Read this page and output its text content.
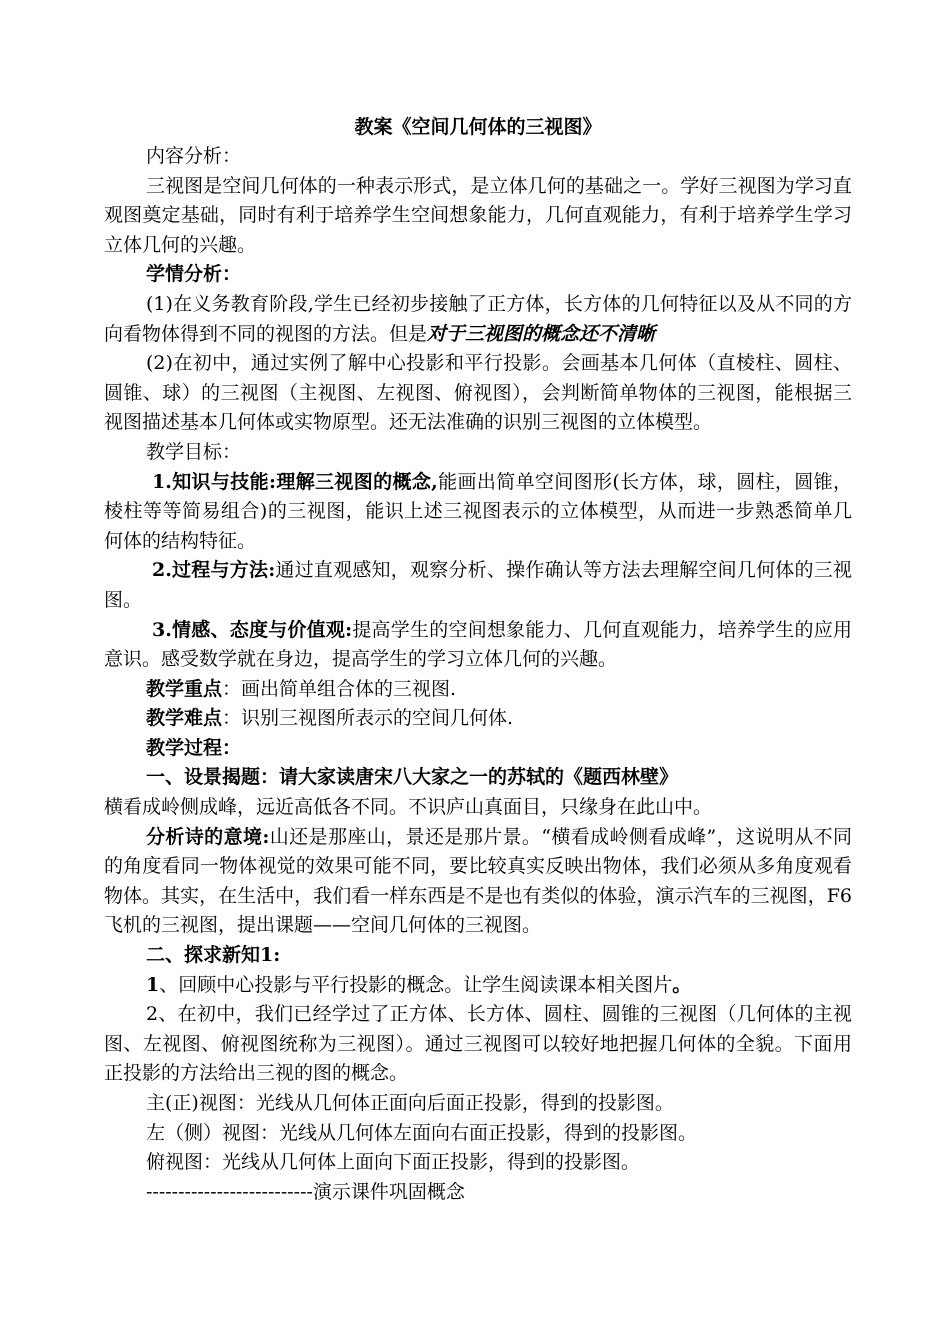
教案《空间几何体的三视图》

内容分析：

三视图是空间几何体的一种表示形式，是立体几何的基础之一。学好三视图为学习直观图奠定基础，同时有利于培养学生空间想象能力，几何直观能力，有利于培养学生学习立体几何的兴趣。

学情分析：

(1)在义务教育阶段,学生已经初步接触了正方体，长方体的几何特征以及从不同的方向看物体得到不同的视图的方法。但是对于三视图的概念还不清晰

(2)在初中，通过实例了解中心投影和平行投影。会画基本几何体（直棱柱、圆柱、圆锥、球）的三视图（主视图、左视图、俯视图），会判断简单物体的三视图，能根据三视图描述基本几何体或实物原型。还无法准确的识别三视图的立体模型。

教学目标：

1.知识与技能:理解三视图的概念,能画出简单空间图形(长方体，球，圆柱，圆锥，棱柱等等简易组合)的三视图，能识上述三视图表示的立体模型，从而进一步熟悉简单几何体的结构特征。

2.过程与方法:通过直观感知，观察分析、操作确认等方法去理解空间几何体的三视图。

3.情感、态度与价值观:提高学生的空间想象能力、几何直观能力，培养学生的应用意识。感受数学就在身边，提高学生的学习立体几何的兴趣。

教学重点：画出简单组合体的三视图.

教学难点：识别三视图所表示的空间几何体.

教学过程：

一、设景揭题：请大家读唐宋八大家之一的苏轼的《题西林壁》

横看成岭侧成峰，远近高低各不同。不识庐山真面目，只缘身在此山中。

分析诗的意境:山还是那座山，景还是那片景。“横看成岭侧看成峰”，这说明从不同的角度看同一物体视觉的效果可能不同，要比较真实反映出物体，我们必须从多角度观看物体。其实，在生活中，我们看一样东西是不是也有类似的体验，演示汽车的三视图，F6飞机的三视图，提出课题——空间几何体的三视图。

二、探求新知1:

1、回顾中心投影与平行投影的概念。让学生阅读课本相关图片。

2、在初中，我们已经学过了正方体、长方体、圆柱、圆锥的三视图（几何体的主视图、左视图、俯视图统称为三视图）。通过三视图可以较好地把握几何体的全貌。下面用正投影的方法给出三视的图的概念。

主(正)视图：光线从几何体正面向后面正投影，得到的投影图。

左（侧）视图：光线从几何体左面向右面正投影，得到的投影图。

俯视图：光线从几何体上面向下面正投影，得到的投影图。

--------------------------演示课件巩固概念
